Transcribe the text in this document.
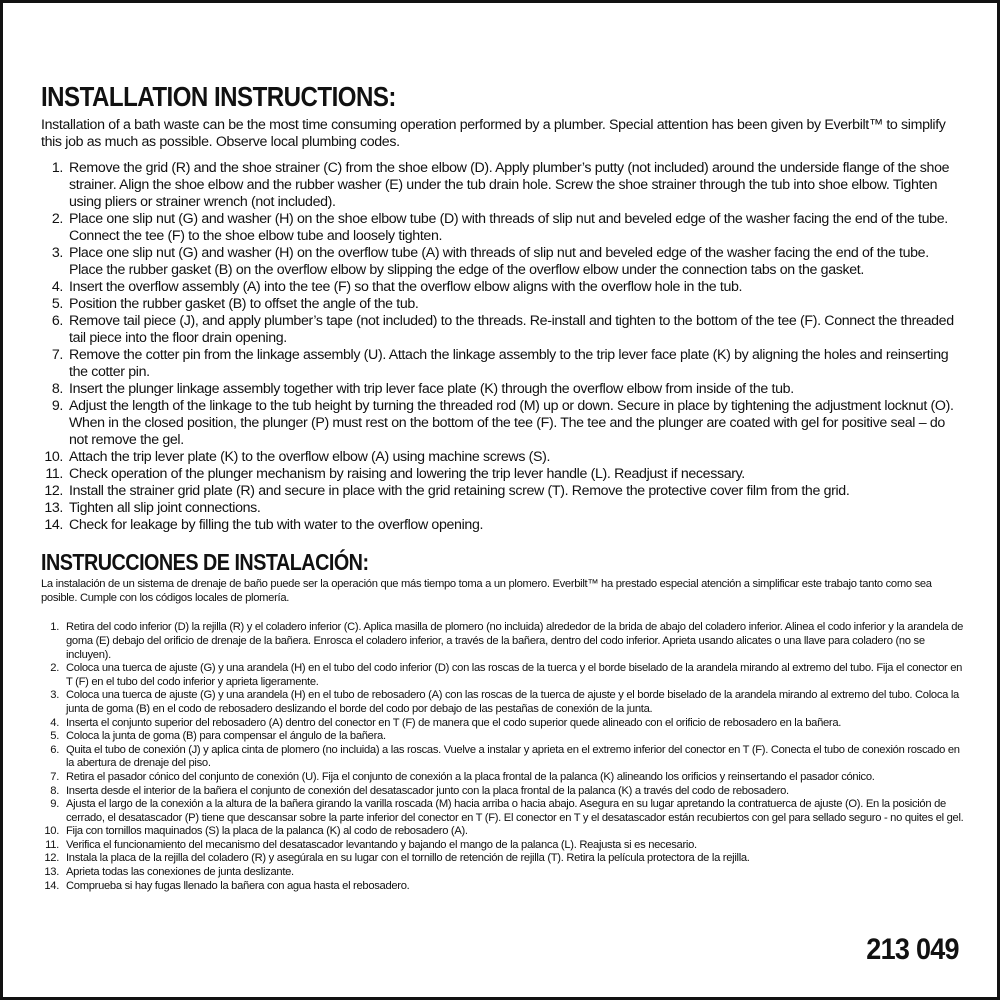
INSTALLATION INSTRUCTIONS:

Installation of a bath waste can be the most time consuming operation performed by a plumber. Special attention has been given by Everbilt™ to simplify this job as much as possible. Observe local plumbing codes.

1. Remove the grid (R) and the shoe strainer (C) from the shoe elbow (D). Apply plumber’s putty (not included) around the underside flange of the shoe strainer. Align the shoe elbow and the rubber washer (E) under the tub drain hole. Screw the shoe strainer through the tub into shoe elbow. Tighten using pliers or strainer wrench (not included).
2. Place one slip nut (G) and washer (H) on the shoe elbow tube (D) with threads of slip nut and beveled edge of the washer facing the end of the tube. Connect the tee (F) to the shoe elbow tube and loosely tighten.
3. Place one slip nut (G) and washer (H) on the overflow tube (A) with threads of slip nut and beveled edge of the washer facing the end of the tube. Place the rubber gasket (B) on the overflow elbow by slipping the edge of the overflow elbow under the connection tabs on the gasket.
4. Insert the overflow assembly (A) into the tee (F) so that the overflow elbow aligns with the overflow hole in the tub.
5. Position the rubber gasket (B) to offset the angle of the tub.
6. Remove tail piece (J), and apply plumber’s tape (not included) to the threads. Re-install and tighten to the bottom of the tee (F). Connect the threaded tail piece into the floor drain opening.
7. Remove the cotter pin from the linkage assembly (U). Attach the linkage assembly to the trip lever face plate (K) by aligning the holes and reinserting the cotter pin.
8. Insert the plunger linkage assembly together with trip lever face plate (K) through the overflow elbow from inside of the tub.
9. Adjust the length of the linkage to the tub height by turning the threaded rod (M) up or down. Secure in place by tightening the adjustment locknut (O). When in the closed position, the plunger (P) must rest on the bottom of the tee (F). The tee and the plunger are coated with gel for positive seal – do not remove the gel.
10. Attach the trip lever plate (K) to the overflow elbow (A) using machine screws (S).
11. Check operation of the plunger mechanism by raising and lowering the trip lever handle (L). Readjust if necessary.
12. Install the strainer grid plate (R) and secure in place with the grid retaining screw (T). Remove the protective cover film from the grid.
13. Tighten all slip joint connections.
14. Check for leakage by filling the tub with water to the overflow opening.
INSTRUCCIONES DE INSTALACIÓN:

La instalación de un sistema de drenaje de baño puede ser la operación que más tiempo toma a un plomero. Everbilt™ ha prestado especial atención a simplificar este trabajo tanto como sea posible. Cumple con los códigos locales de plomería.

1. Retira del codo inferior (D) la rejilla (R) y el coladero inferior (C). Aplica masilla de plomero (no incluida) alrededor de la brida de abajo del coladero inferior. Alinea el codo inferior y la arandela de goma (E) debajo del orificio de drenaje de la bañera. Enrosca el coladero inferior, a través de la bañera, dentro del codo inferior. Aprieta usando alicates o una llave para coladero (no se incluyen).
2. Coloca una tuerca de ajuste (G) y una arandela (H) en el tubo del codo inferior (D) con las roscas de la tuerca y el borde biselado de la arandela mirando al extremo del tubo. Fija el conector en T (F) en el tubo del codo inferior y aprieta ligeramente.
3. Coloca una tuerca de ajuste (G) y una arandela (H) en el tubo de rebosadero (A) con las roscas de la tuerca de ajuste y el borde biselado de la arandela mirando al extremo del tubo. Coloca la junta de goma (B) en el codo de rebosadero deslizando el borde del codo por debajo de las pestañas de conexión de la junta.
4. Inserta el conjunto superior del rebosadero (A) dentro del conector en T (F) de manera que el codo superior quede alineado con el orificio de rebosadero en la bañera.
5. Coloca la junta de goma (B) para compensar el ángulo de la bañera.
6. Quita el tubo de conexión (J) y aplica cinta de plomero (no incluida) a las roscas. Vuelve a instalar y aprieta en el extremo inferior del conector en T (F). Conecta el tubo de conexión roscado en la abertura de drenaje del piso.
7. Retira el pasador cónico del conjunto de conexión (U). Fija el conjunto de conexión a la placa frontal de la palanca (K) alineando los orificios y reinsertando el pasador cónico.
8. Inserta desde el interior de la bañera el conjunto de conexión del desatascador junto con la placa frontal de la palanca (K) a través del codo de rebosadero.
9. Ajusta el largo de la conexión a la altura de la bañera girando la varilla roscada (M) hacia arriba o hacia abajo. Asegura en su lugar apretando la contratuerca de ajuste (O). En la posición de cerrado, el desatascador (P) tiene que descansar sobre la parte inferior del conector en T (F). El conector en T y el desatascador están recubiertos con gel para sellado seguro - no quites el gel.
10. Fija con tornillos maquinados (S) la placa de la palanca (K) al codo de rebosadero (A).
11. Verifica el funcionamiento del mecanismo del desatascador levantando y bajando el mango de la palanca (L). Reajusta si es necesario.
12. Instala la placa de la rejilla del coladero (R) y asegúrala en su lugar con el tornillo de retención de rejilla (T). Retira la película protectora de la rejilla.
13. Aprieta todas las conexiones de junta deslizante.
14. Comprueba si hay fugas llenado la bañera con agua hasta el rebosadero.
213 049
